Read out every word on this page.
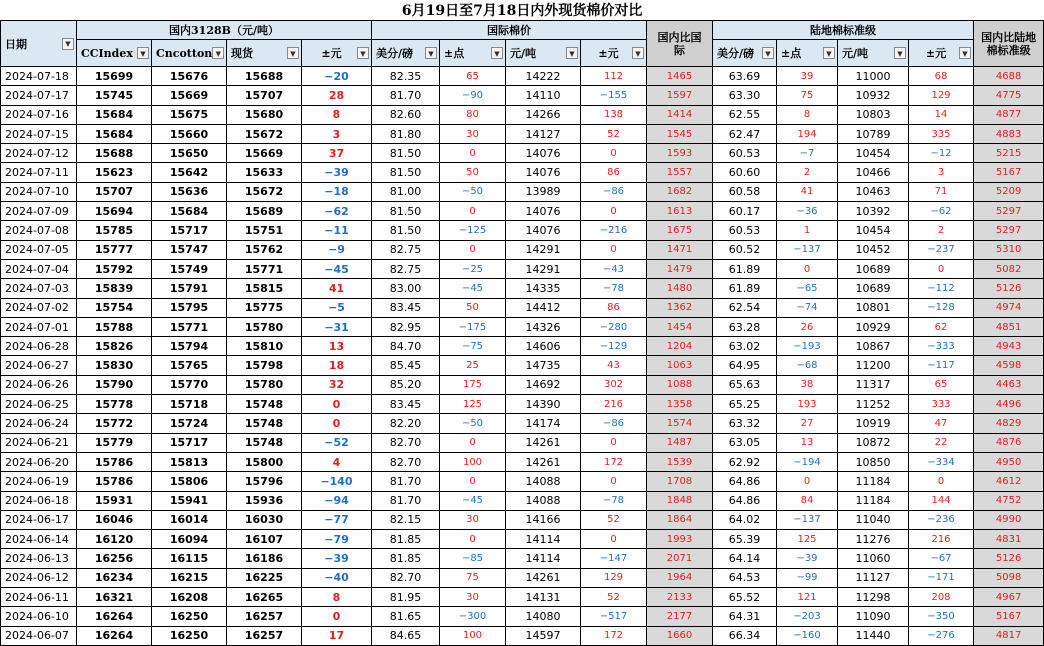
6月19日至7月18日内外现货棉价对比														

日期 ▼	国内3128B（元/吨）				国际棉价				国内比国际	陆地棉标准级				国内比陆地棉标准级

	CCIndex ▼	Cncotton ▼	现货 ▼	±元 ▼	美分/磅 ▼	±点 ▼	元/吨 ▼	±元 ▼		美分/磅 ▼	±点 ▼	元/吨 ▼	±元 ▼	

2024-07-18	15699	15676	15688	−20	82.35	65	14222	112	1465	63.69	39	11000	68	4688
2024-07-17	15745	15669	15707	28	81.70	−90	14110	−155	1597	63.30	75	10932	129	4775
2024-07-16	15684	15675	15680	8	82.60	80	14266	138	1414	62.55	8	10803	14	4877
2024-07-15	15684	15660	15672	3	81.80	30	14127	52	1545	62.47	194	10789	335	4883
2024-07-12	15688	15650	15669	37	81.50	0	14076	0	1593	60.53	−7	10454	−12	5215
2024-07-11	15623	15642	15633	−39	81.50	50	14076	86	1557	60.60	2	10466	3	5167
2024-07-10	15707	15636	15672	−18	81.00	−50	13989	−86	1682	60.58	41	10463	71	5209
2024-07-09	15694	15684	15689	−62	81.50	0	14076	0	1613	60.17	−36	10392	−62	5297
2024-07-08	15785	15717	15751	−11	81.50	−125	14076	−216	1675	60.53	1	10454	2	5297
2024-07-05	15777	15747	15762	−9	82.75	0	14291	0	1471	60.52	−137	10452	−237	5310
2024-07-04	15792	15749	15771	−45	82.75	−25	14291	−43	1479	61.89	0	10689	0	5082
2024-07-03	15839	15791	15815	41	83.00	−45	14335	−78	1480	61.89	−65	10689	−112	5126
2024-07-02	15754	15795	15775	−5	83.45	50	14412	86	1362	62.54	−74	10801	−128	4974
2024-07-01	15788	15771	15780	−31	82.95	−175	14326	−280	1454	63.28	26	10929	62	4851
2024-06-28	15826	15794	15810	13	84.70	−75	14606	−129	1204	63.02	−193	10867	−333	4943
2024-06-27	15830	15765	15798	18	85.45	25	14735	43	1063	64.95	−68	11200	−117	4598
2024-06-26	15790	15770	15780	32	85.20	175	14692	302	1088	65.63	38	11317	65	4463
2024-06-25	15778	15718	15748	0	83.45	125	14390	216	1358	65.25	193	11252	333	4496
2024-06-24	15772	15724	15748	0	82.20	−50	14174	−86	1574	63.32	27	10919	47	4829
2024-06-21	15779	15717	15748	−52	82.70	0	14261	0	1487	63.05	13	10872	22	4876
2024-06-20	15786	15813	15800	4	82.70	100	14261	172	1539	62.92	−194	10850	−334	4950
2024-06-19	15786	15806	15796	−140	81.70	0	14088	0	1708	64.86	0	11184	0	4612
2024-06-18	15931	15941	15936	−94	81.70	−45	14088	−78	1848	64.86	84	11184	144	4752
2024-06-17	16046	16014	16030	−77	82.15	30	14166	52	1864	64.02	−137	11040	−236	4990
2024-06-14	16120	16094	16107	−79	81.85	0	14114	0	1993	65.39	125	11276	216	4831
2024-06-13	16256	16115	16186	−39	81.85	−85	14114	−147	2071	64.14	−39	11060	−67	5126
2024-06-12	16234	16215	16225	−40	82.70	75	14261	129	1964	64.53	−99	11127	−171	5098
2024-06-11	16321	16208	16265	8	81.95	30	14131	52	2133	65.52	121	11298	208	4967
2024-06-10	16264	16250	16257	0	81.65	−300	14080	−517	2177	64.31	−203	11090	−350	5167
2024-06-07	16264	16250	16257	17	84.65	100	14597	172	1660	66.34	−160	11440	−276	4817
